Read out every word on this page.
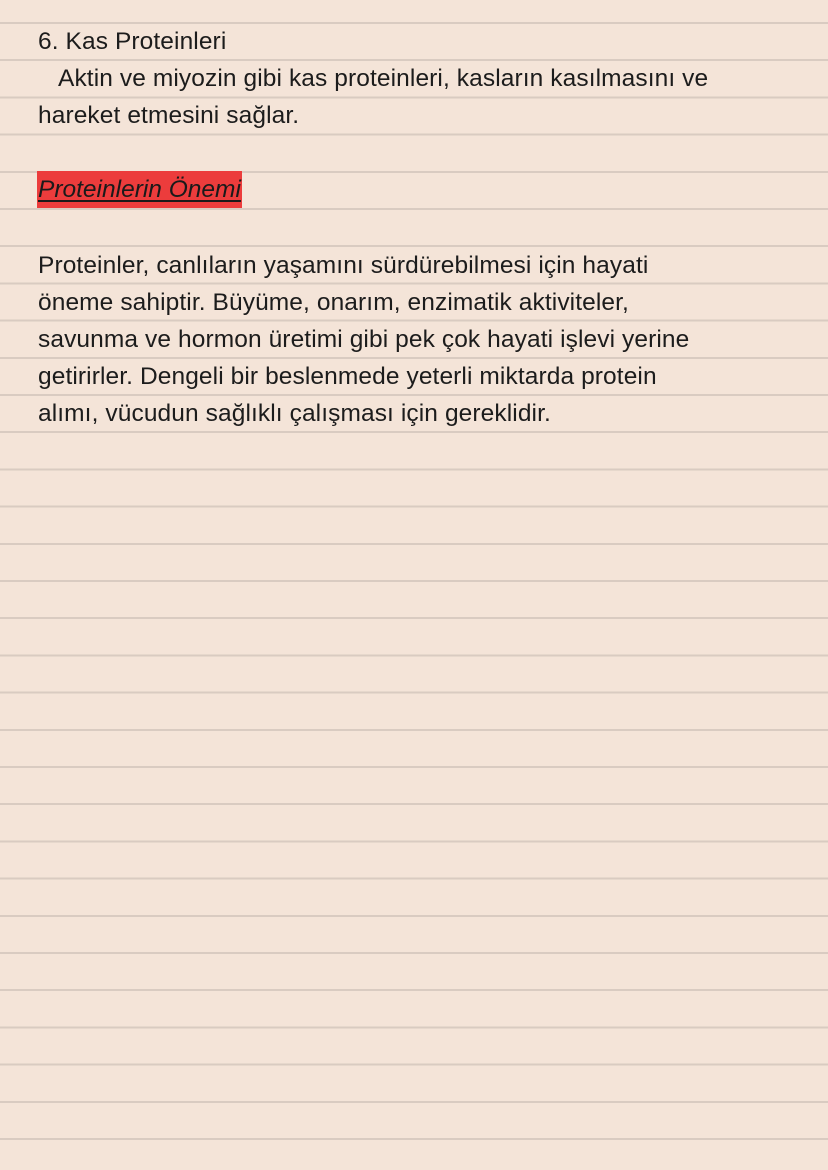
6. Kas Proteinleri
Aktin ve miyozin gibi kas proteinleri, kasların kasılmasını ve
hareket etmesini sağlar.
Proteinlerin Önemi
Proteinler, canlıların yaşamını sürdürebilmesi için hayati
öneme sahiptir. Büyüme, onarım, enzimatik aktiviteler,
savunma ve hormon üretimi gibi pek çok hayati işlevi yerine
getirirler. Dengeli bir beslenmede yeterli miktarda protein
alımı, vücudun sağlıklı çalışması için gereklidir.
